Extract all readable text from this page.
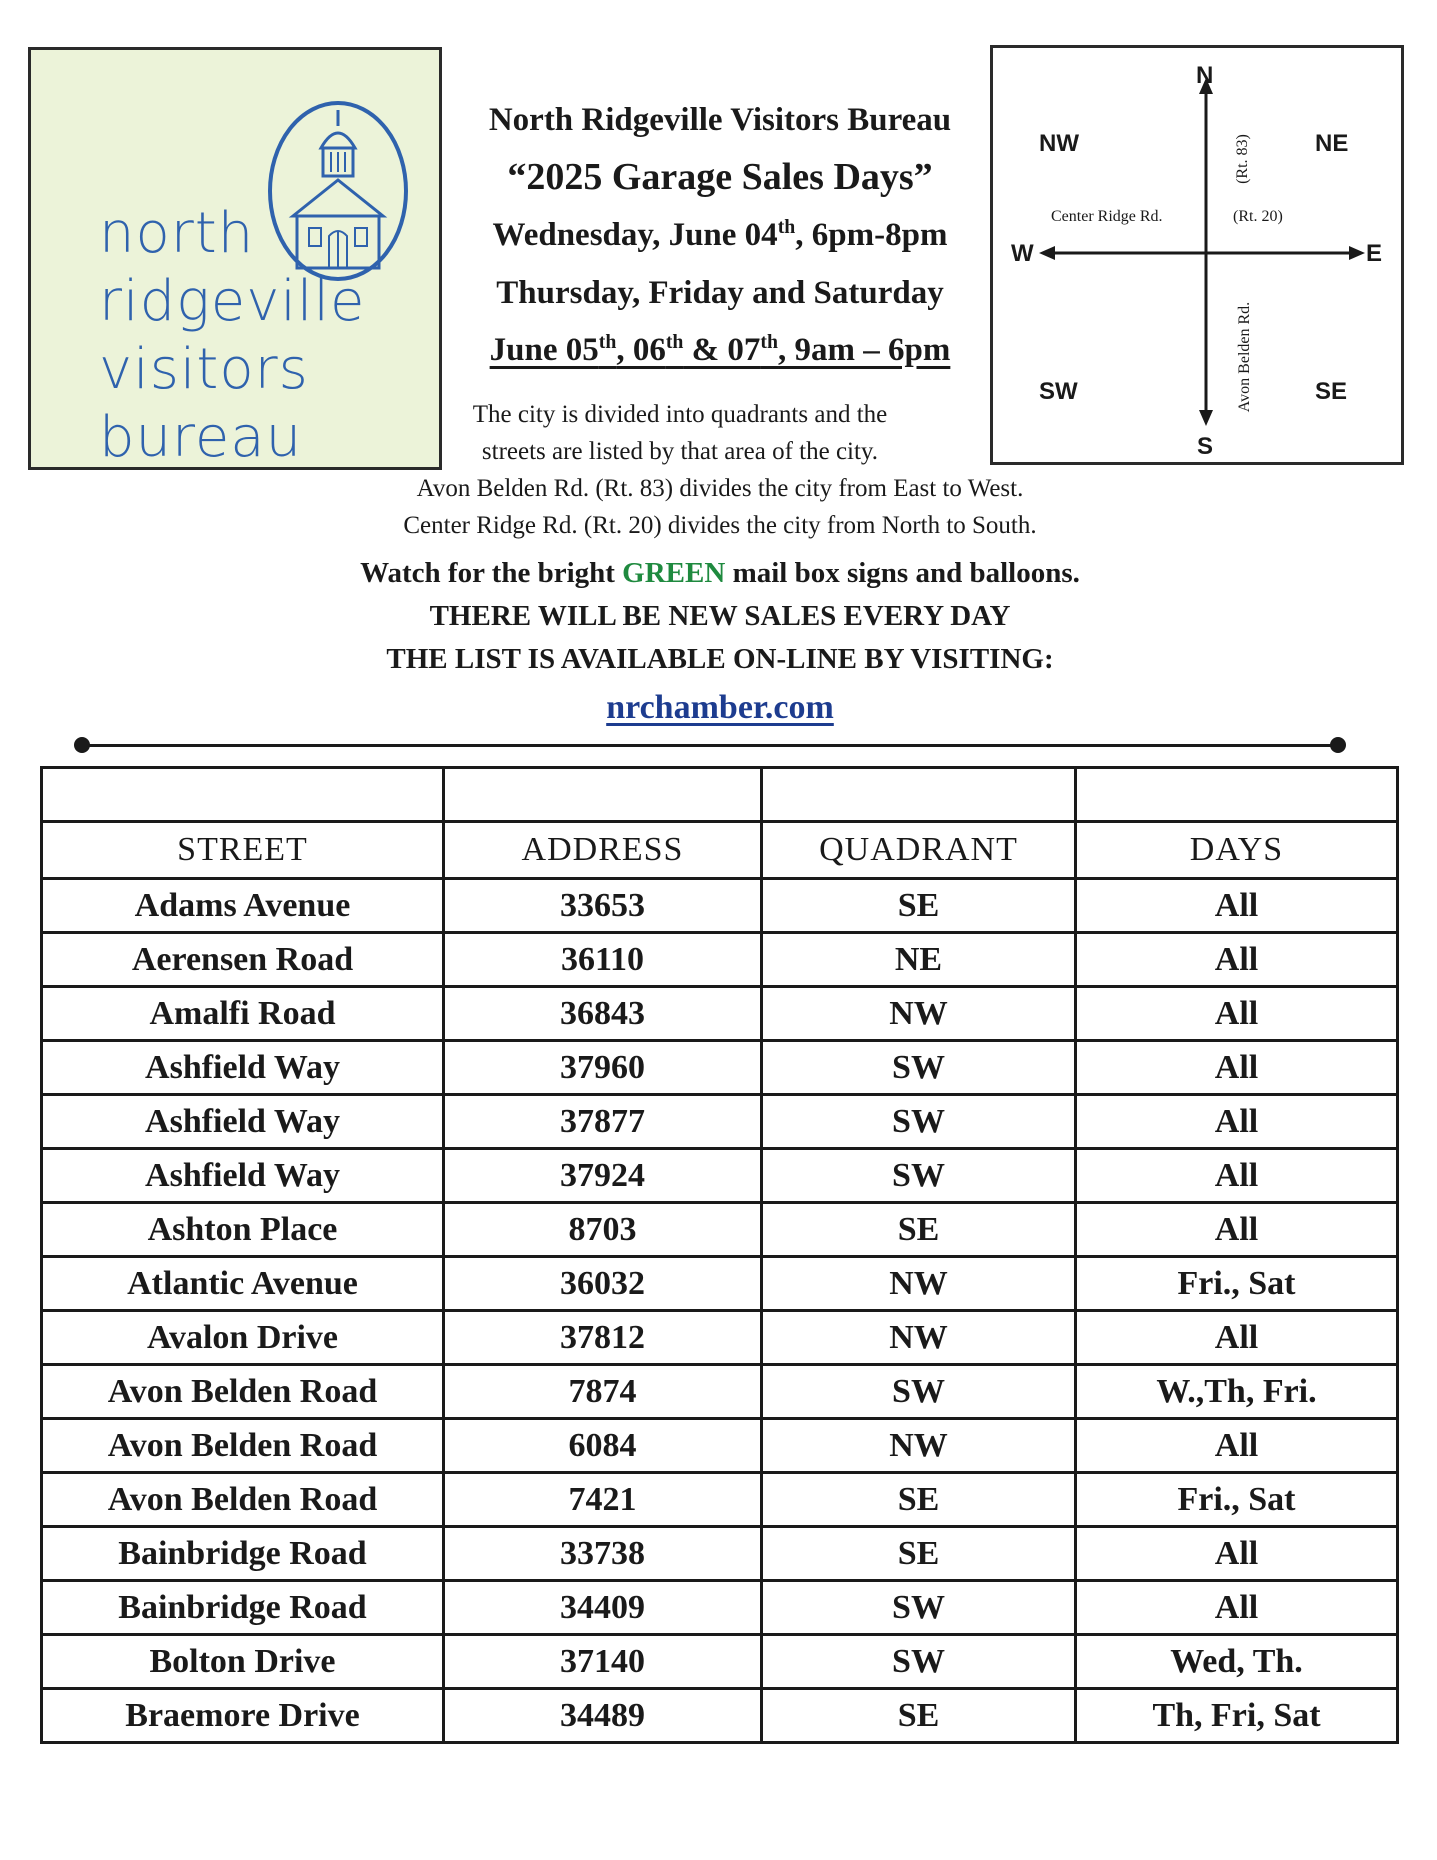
north
ridgeville
visitors
bureau
North Ridgeville Visitors Bureau
“2025 Garage Sales Days”
Wednesday, June 04th, 6pm-8pm
Thursday, Friday and Saturday
June 05th, 06th & 07th, 9am – 6pm
NW	NE
SW	SE
N
S
W	E
Center Ridge Rd.	(Rt. 20)
(Rt. 83)
Avon Belden Rd.
The city is divided into quadrants and the
streets are listed by that area of the city.
Avon Belden Rd. (Rt. 83) divides the city from East to West.
Center Ridge Rd. (Rt. 20) divides the city from North to South.
Watch for the bright GREEN mail box signs and balloons.
THERE WILL BE NEW SALES EVERY DAY
THE LIST IS AVAILABLE ON-LINE BY VISITING:
nrchamber.com

STREET	ADDRESS	QUADRANT	DAYS
Adams Avenue	33653	SE	All
Aerensen Road	36110	NE	All
Amalfi Road	36843	NW	All
Ashfield Way	37960	SW	All
Ashfield Way	37877	SW	All
Ashfield Way	37924	SW	All
Ashton Place	8703	SE	All
Atlantic Avenue	36032	NW	Fri., Sat
Avalon Drive	37812	NW	All
Avon Belden Road	7874	SW	W.,Th, Fri.
Avon Belden Road	6084	NW	All
Avon Belden Road	7421	SE	Fri., Sat
Bainbridge Road	33738	SE	All
Bainbridge Road	34409	SW	All
Bolton Drive	37140	SW	Wed, Th.
Braemore Drive	34489	SE	Th, Fri, Sat
